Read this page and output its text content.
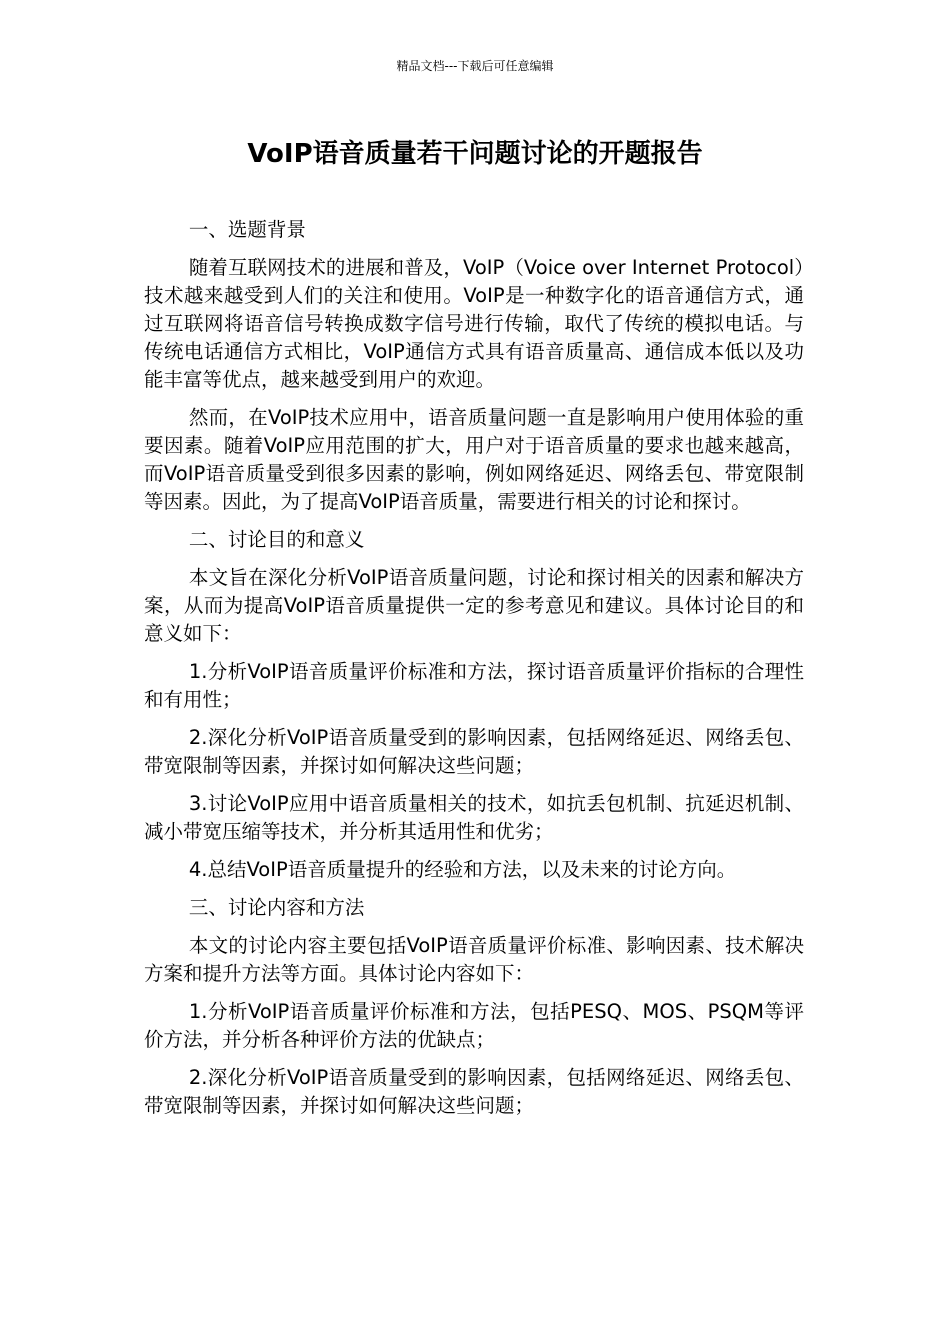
精品文档---下载后可任意编辑
VoIP语音质量若干问题讨论的开题报告

一、选题背景

随着互联网技术的进展和普及，VoIP（Voice over Internet Protocol）技术越来越受到人们的关注和使用。VoIP是一种数字化的语音通信方式，通过互联网将语音信号转换成数字信号进行传输，取代了传统的模拟电话。与传统电话通信方式相比，VoIP通信方式具有语音质量高、通信成本低以及功能丰富等优点，越来越受到用户的欢迎。

然而，在VoIP技术应用中，语音质量问题一直是影响用户使用体验的重要因素。随着VoIP应用范围的扩大，用户对于语音质量的要求也越来越高，而VoIP语音质量受到很多因素的影响，例如网络延迟、网络丢包、带宽限制等因素。因此，为了提高VoIP语音质量，需要进行相关的讨论和探讨。

二、讨论目的和意义

本文旨在深化分析VoIP语音质量问题，讨论和探讨相关的因素和解决方案，从而为提高VoIP语音质量提供一定的参考意见和建议。具体讨论目的和意义如下：

1.分析VoIP语音质量评价标准和方法，探讨语音质量评价指标的合理性和有用性；

2.深化分析VoIP语音质量受到的影响因素，包括网络延迟、网络丢包、带宽限制等因素，并探讨如何解决这些问题；

3.讨论VoIP应用中语音质量相关的技术，如抗丢包机制、抗延迟机制、减小带宽压缩等技术，并分析其适用性和优劣；

4.总结VoIP语音质量提升的经验和方法，以及未来的讨论方向。

三、讨论内容和方法

本文的讨论内容主要包括VoIP语音质量评价标准、影响因素、技术解决方案和提升方法等方面。具体讨论内容如下：

1.分析VoIP语音质量评价标准和方法，包括PESQ、MOS、PSQM等评价方法，并分析各种评价方法的优缺点；

2.深化分析VoIP语音质量受到的影响因素，包括网络延迟、网络丢包、带宽限制等因素，并探讨如何解决这些问题；
